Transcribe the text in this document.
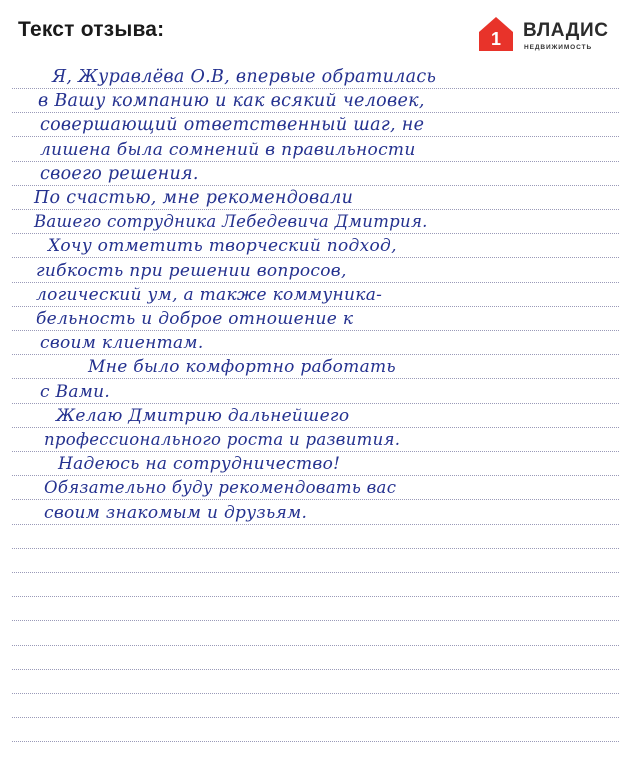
Текст отзыва:	1 ВЛАДИС
НЕДВИЖИМОСТЬ
Я, Журавлёва О.В, впервые обратилась
в Вашу компанию и как всякий человек,
совершающий ответственный шаг, не
лишена была сомнений в правильности
своего решения.
По счастью, мне рекомендовали
Вашего сотрудника Лебедевича Дмитрия.
Хочу отметить творческий подход,
гибкость при решении вопросов,
логический ум, а также коммуника-
бельность и доброе отношение к
своим клиентам.
Мне было комфортно работать
с Вами.
Желаю Дмитрию дальнейшего
профессионального роста и развития.
Надеюсь на сотрудничество!
Обязательно буду рекомендовать вас
своим знакомым и друзьям.
